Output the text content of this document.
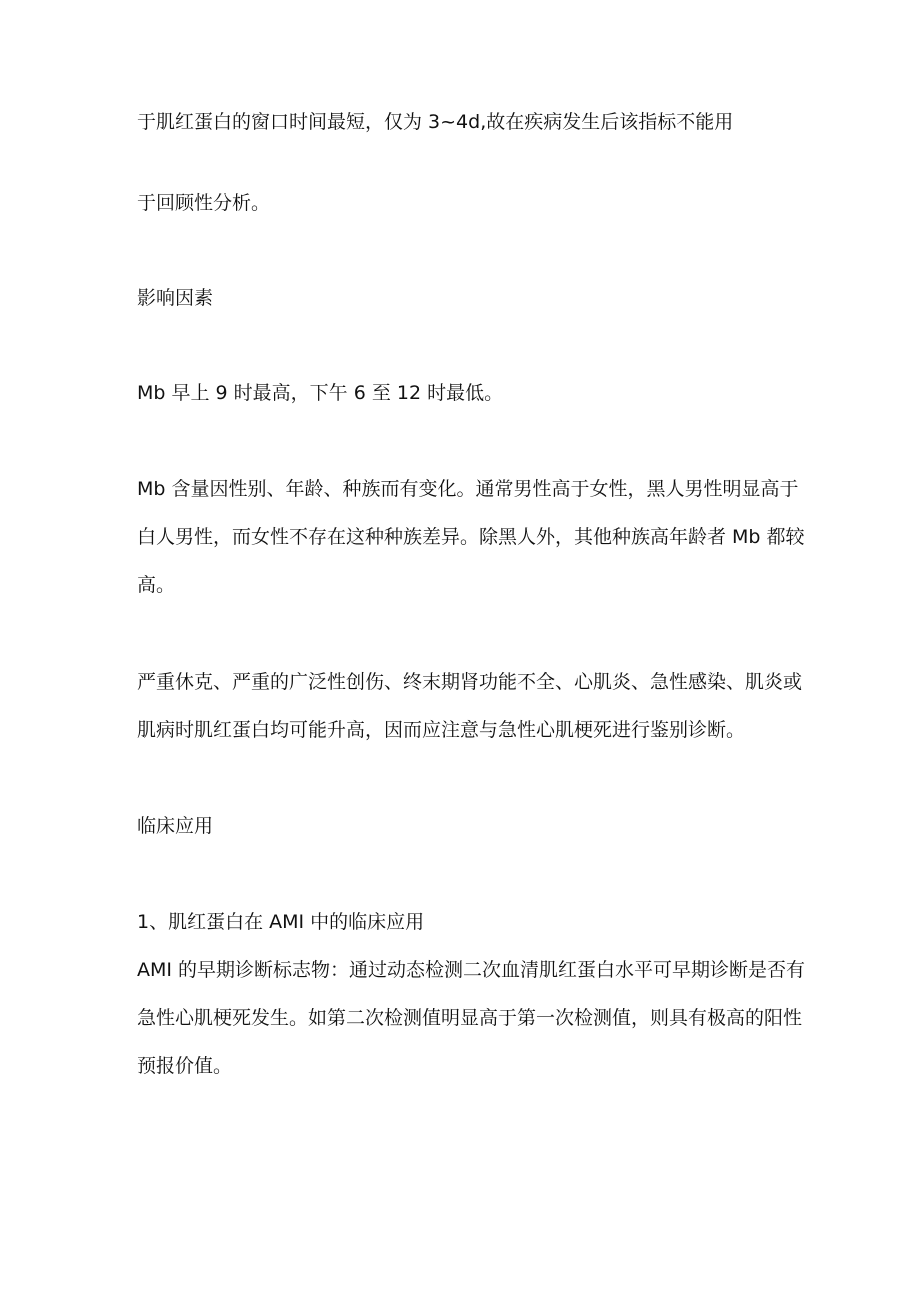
于肌红蛋白的窗口时间最短，仅为 3~4d,故在疾病发生后该指标不能用
于回顾性分析。
影响因素
Mb 早上 9 时最高，下午 6 至 12 时最低。
Mb 含量因性别、年龄、种族而有变化。通常男性高于女性，黑人男性明显高于
白人男性，而女性不存在这种种族差异。除黑人外，其他种族高年龄者 Mb 都较
高。
严重休克、严重的广泛性创伤、终末期肾功能不全、心肌炎、急性感染、肌炎或
肌病时肌红蛋白均可能升高，因而应注意与急性心肌梗死进行鉴别诊断。
临床应用
1、肌红蛋白在 AMI 中的临床应用
AMI 的早期诊断标志物：通过动态检测二次血清肌红蛋白水平可早期诊断是否有
急性心肌梗死发生。如第二次检测值明显高于第一次检测值，则具有极高的阳性
预报价值。
